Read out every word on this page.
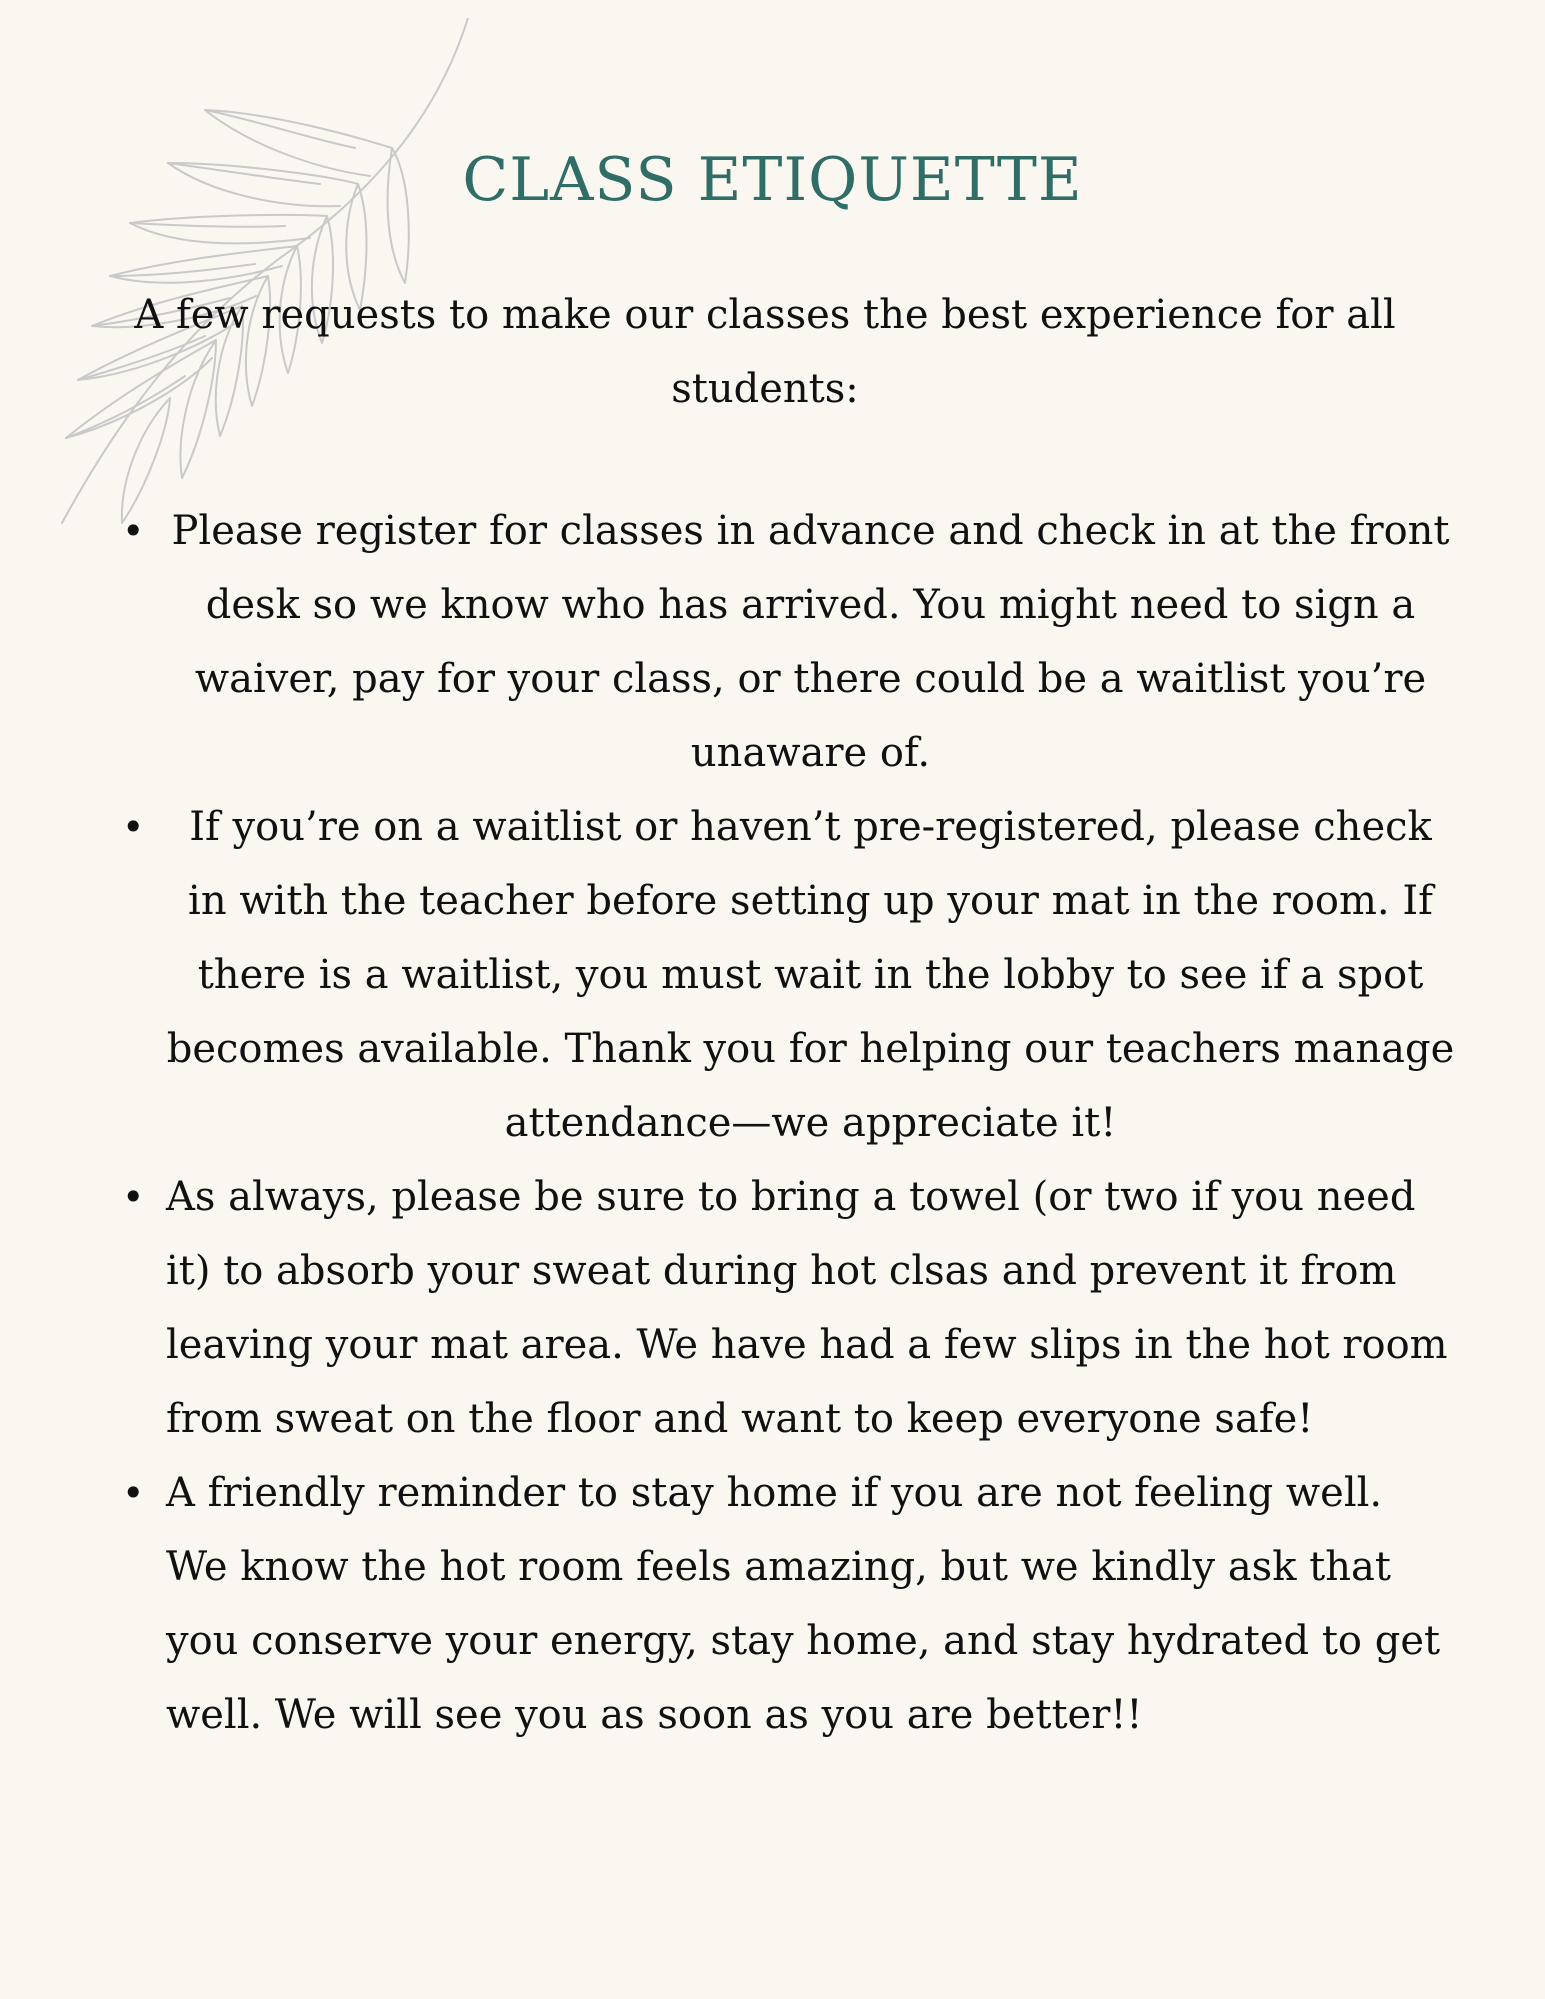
CLASS ETIQUETTE
A few requests to make our classes the best experience for all students:
• Please register for classes in advance and check in at the front desk so we know who has arrived. You might need to sign a waiver, pay for your class, or there could be a waitlist you’re unaware of.
•	If you’re on a waitlist or haven’t pre-registered, please check in with the teacher before setting up your mat in the room. If there is a waitlist, you must wait in the lobby to see if a spot becomes available. Thank you for helping our teachers manage attendance—we appreciate it!
• As always, please be sure to bring a towel (or two if you need it) to absorb your sweat during hot clsas and prevent it from leaving your mat area. We have had a few slips in the hot room from sweat on the floor and want to keep everyone safe!
• A friendly reminder to stay home if you are not feeling well. We know the hot room feels amazing, but we kindly ask that you conserve your energy, stay home, and stay hydrated to get well. We will see you as soon as you are better!!
